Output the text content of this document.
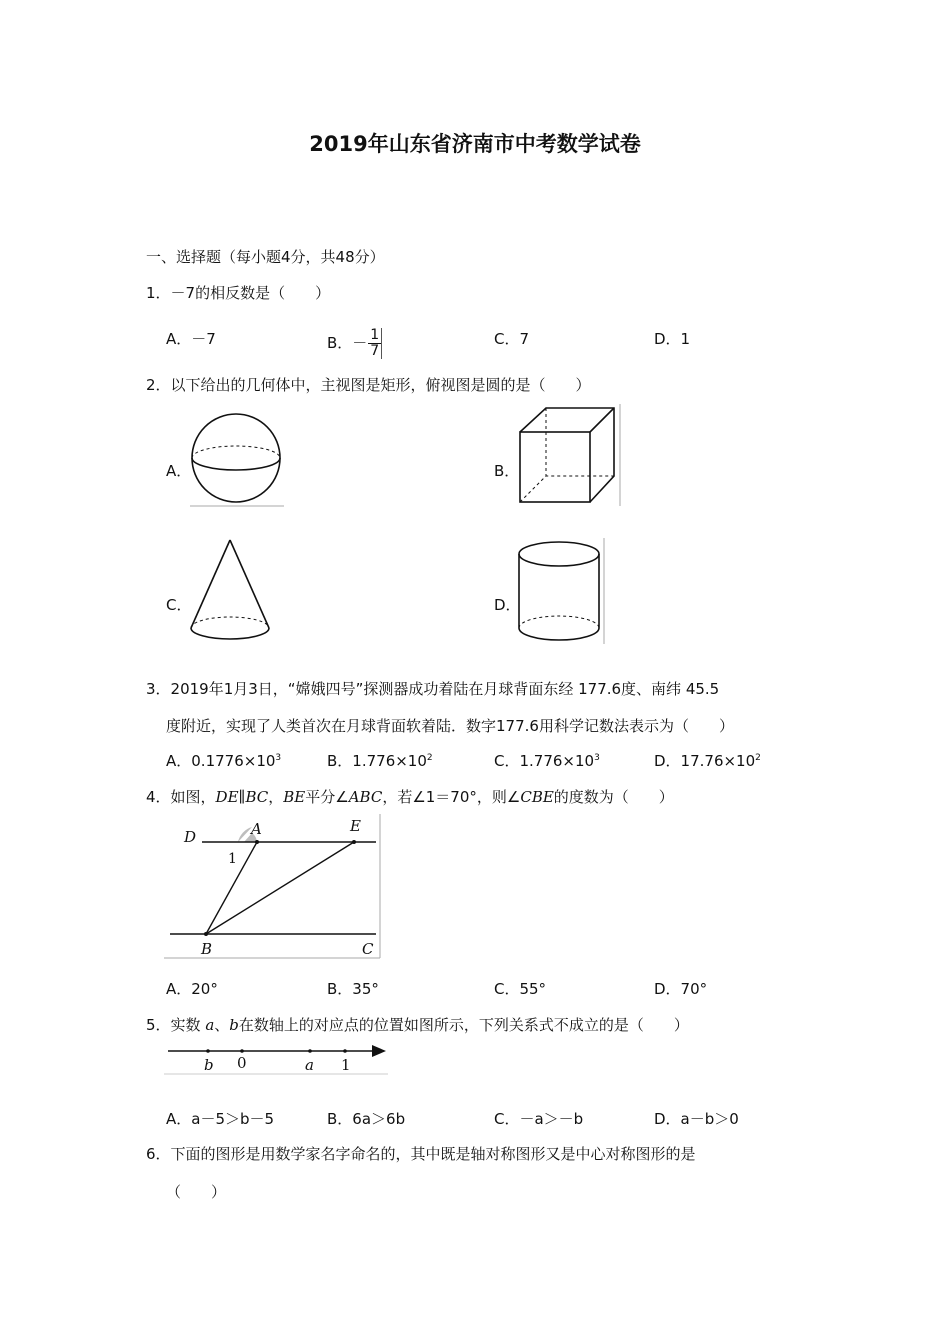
2019年山东省济南市中考数学试卷
一、选择题（每小题4分，共48分）
1．－7的相反数是（　　）
A．－7	B．－ $\frac{1}{7}$	C．7	D．1
2．以下给出的几何体中，主视图是矩形，俯视图是圆的是（　　）
A．	B．
C．	D．
3．2019年1月3日，“嫦娥四号”探测器成功着陆在月球背面东经 177.6度、南纬 45.5
度附近，实现了人类首次在月球背面软着陆．数字177.6用科学记数法表示为（　　）
A．$0.1776\times 10^3$	B．$1.776\times 10^2$	C．$1.776\times 10^3$	D．$17.76\times 10^2$
4．如图，DE∥BC，BE平分∠ABC，若∠1＝70°，则∠CBE的度数为（　　）
D	A	E
1
B	C
A．20°	B．35°	C．55°	D．70°
5．实数 a、b在数轴上的对应点的位置如图所示，下列关系式不成立的是（　　）
b 0	a 1
A．a－5＞b－5	B．6a＞6b	C．－a＞－b	D．a－b＞0
6．下面的图形是用数学家名字命名的，其中既是轴对称图形又是中心对称图形的是
（　　）
